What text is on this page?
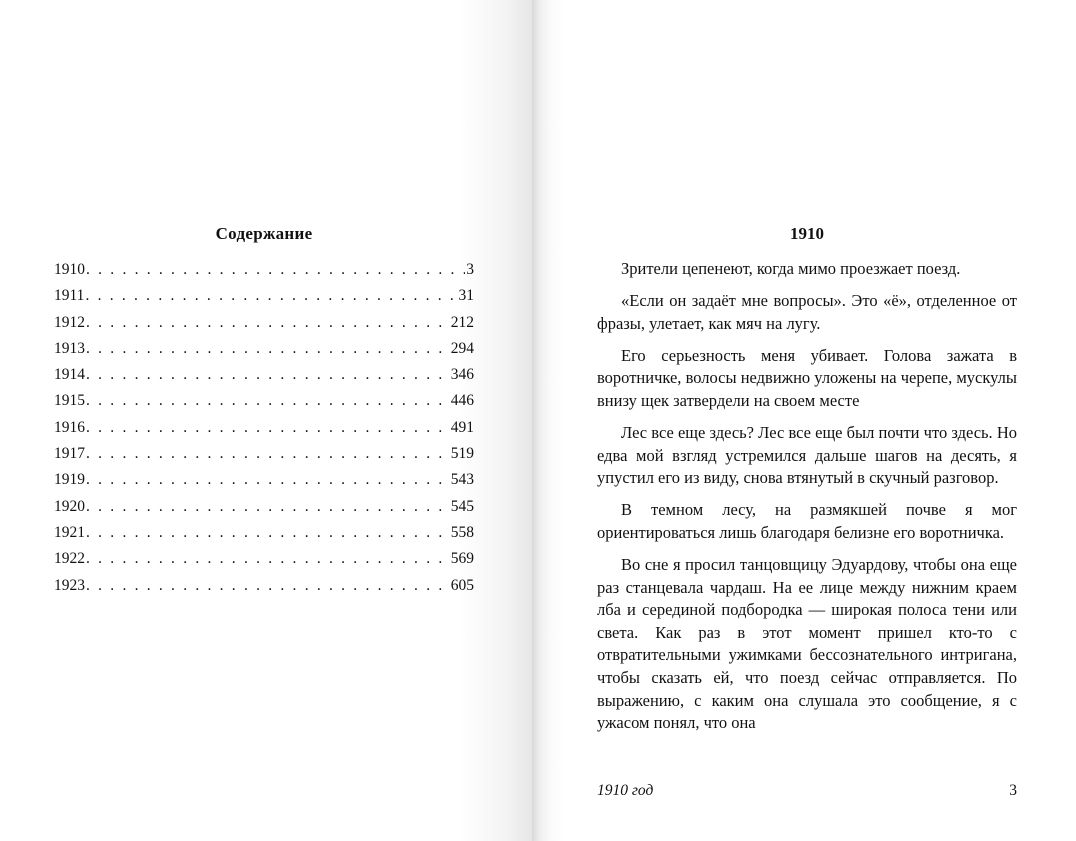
Содержание
1910 . . .	3
1911 . . .	31
1912 . . .	212
1913 . . .	294
1914 . . .	346
1915 . . .	446
1916 . . .	491
1917 . . .	519
1919 . . .	543
1920 . . .	545
1921 . . .	558
1922 . . .	569
1923 . . .	605
1910

Зрители цепенеют, когда мимо проезжает поезд.

«Если он задаёт мне вопросы». Это «ё», отделенное от фразы, улетает, как мяч на лугу.

Его серьезность меня убивает. Голова зажата в воротничке, волосы недвижно уложены на черепе, мускулы внизу щек затвердели на своем месте

Лес все еще здесь? Лес все еще был почти что здесь. Но едва мой взгляд устремился дальше шагов на десять, я упустил его из виду, снова втянутый в скучный разговор.

В темном лесу, на размякшей почве я мог ориентироваться лишь благодаря белизне его воротничка.

Во сне я просил танцовщицу Эдуардову, чтобы она еще раз станцевала чардаш. На ее лице между нижним краем лба и серединой подбородка — широкая полоса тени или света. Как раз в этот момент пришел кто-то с отвратительными ужимками бессознательного интригана, чтобы сказать ей, что поезд сейчас отправляется. По выражению, с каким она слушала это сообщение, я с ужасом понял, что она

1910 год	3
